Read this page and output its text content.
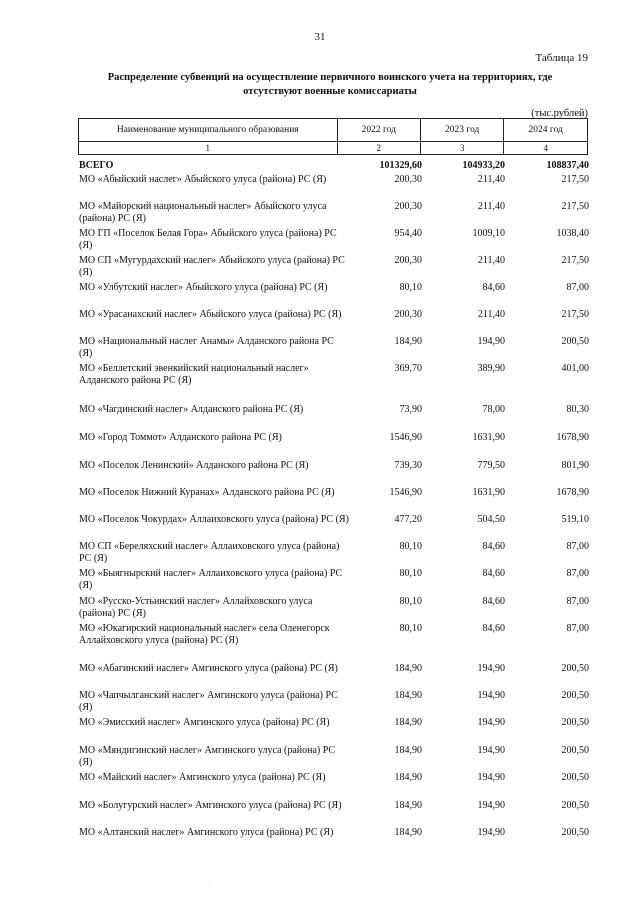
31
Таблица 19
Распределение субвенций на осуществление первичного воинского учета на территориях, где отсутствуют военные комиссариаты
(тыс.рублей)
Наименование муниципального образования	2022 год	2023 год	2024 год
1	2	3	4
ВСЕГО	101329,60	104933,20	108837,40
МО «Абыйский наслег» Абыйского улуса (района) РС (Я)	200,30	211,40	217,50
МО «Майорский национальный наслег» Абыйского улуса (района) РС (Я)
200,30	211,40	217,50
МО ГП «Поселок Белая Гора» Абыйского улуса (района) РС (Я)
954,40	1009,10	1038,40
МО СП «Мугурдахский наслег» Абыйского улуса (района) РС (Я)
200,30	211,40	217,50
МО «Улбутский наслег» Абыйского улуса (района) РС (Я)	80,10	84,60	87,00
МО «Урасанахский наслег» Абыйского улуса (района) РС (Я)	200,30	211,40	217,50
МО «Национальный наслег Анамы» Алданского района РС (Я)
184,90	194,90	200,50
МО «Беллетский эвенкийский национальный наслег» Алданского района РС (Я)
369,70	389,90	401,00
МО «Чагдинский наслег» Алданского района РС (Я)	73,90	78,00	80,30
МО «Город Томмот» Алданского района РС (Я)	1546,90	1631,90	1678,90
МО «Поселок Ленинский» Алданского района РС (Я)	739,30	779,50	801,90
МО «Поселок Нижний Куранах» Алданского района РС (Я)	1546,90	1631,90	1678,90
МО «Поселок Чокурдах» Аллаиховского улуса (района) РС (Я)	477,20	504,50	519,10
МО СП «Береляхский наслег» Аллаиховского улуса (района) РС (Я)
80,10	84,60	87,00
МО «Быягнырский наслег» Аллаиховского улуса (района) РС (Я)
80,10	84,60	87,00
МО «Русско-Устьинский наслег» Аллайховского улуса (района) РС (Я)
80,10	84,60	87,00
МО «Юкагирский национальный наслег» села Оленегорск Аллайховского улуса (района) РС (Я)
80,10	84,60	87,00
МО «Абагинский наслег» Амгинского улуса (района) РС (Я)	184,90	194,90	200,50
МО «Чапчылганский наслег» Амгинского улуса (района) РС (Я)
184,90	194,90	200,50
МО «Эмисский наслег» Амгинского улуса (района) РС (Я)	184,90	194,90	200,50
МО «Мяндигинский наслег» Амгинского улуса (района) РС (Я)
184,90	194,90	200,50
МО «Майский наслег» Амгинского улуса (района) РС (Я)	184,90	194,90	200,50
МО «Болугурский наслег» Амгинского улуса (района) РС (Я)	184,90	194,90	200,50
МО «Алтанский наслег» Амгинского улуса (района) РС (Я)	184,90	194,90	200,50
·
